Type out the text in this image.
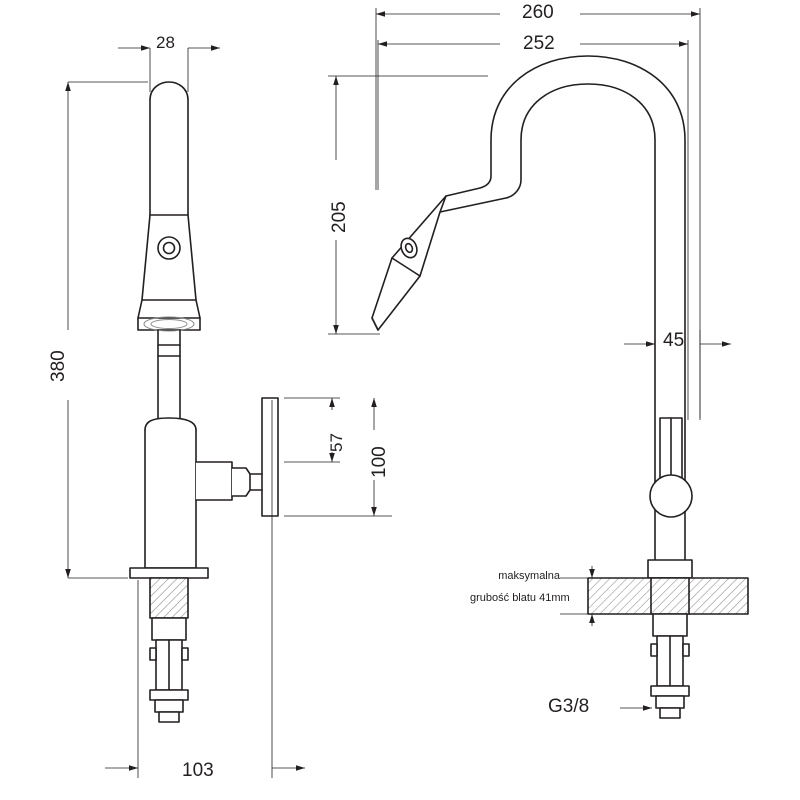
28
380
103
57
100
260
252
205
45
G3/8
maksymalna
grubość blatu 41mm
